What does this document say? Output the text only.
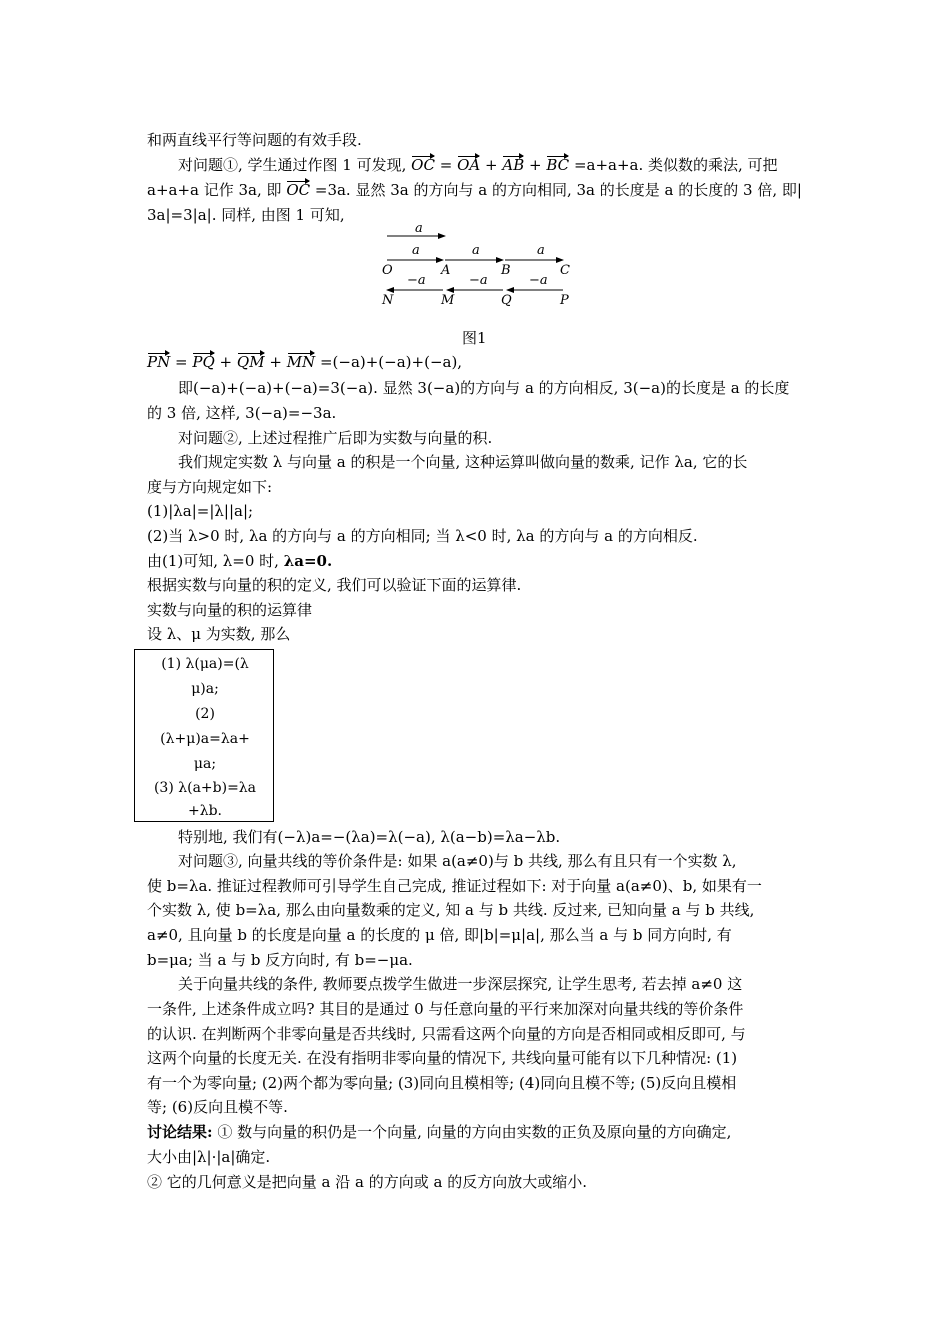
和两直线平行等问题的有效手段.
对问题①, 学生通过作图 1 可发现, OC = OA + AB + BC =a+a+a. 类似数的乘法, 可把
a+a+a 记作 3a, 即 OC =3a. 显然 3a 的方向与 a 的方向相同, 3a 的长度是 a 的长度的 3 倍, 即|
3a|=3|a|. 同样, 由图 1 可知,
a
a	a	a
O	A	B	C
−a	−a	−a
N	M	Q	P
图1
PN = PQ + QM + MN =(−a)+(−a)+(−a),
即(−a)+(−a)+(−a)=3(−a). 显然 3(−a)的方向与 a 的方向相反, 3(−a)的长度是 a 的长度
的 3 倍, 这样, 3(−a)=−3a.
对问题②, 上述过程推广后即为实数与向量的积.
我们规定实数 λ 与向量 a 的积是一个向量, 这种运算叫做向量的数乘, 记作 λa, 它的长
度与方向规定如下:
(1)|λa|=|λ||a|;
(2)当 λ>0 时, λa 的方向与 a 的方向相同; 当 λ<0 时, λa 的方向与 a 的方向相反.
由(1)可知, λ=0 时, λa=0.
根据实数与向量的积的定义, 我们可以验证下面的运算律.
实数与向量的积的运算律
设 λ、μ 为实数, 那么
(1) λ(μa)=(λ
μ)a;
(2)
(λ+μ)a=λa+
μa;
(3) λ(a+b)=λa
+λb.
特别地, 我们有(−λ)a=−(λa)=λ(−a), λ(a−b)=λa−λb.
对问题③, 向量共线的等价条件是: 如果 a(a≠0)与 b 共线, 那么有且只有一个实数 λ,
使 b=λa. 推证过程教师可引导学生自己完成, 推证过程如下: 对于向量 a(a≠0)、b, 如果有一
个实数 λ, 使 b=λa, 那么由向量数乘的定义, 知 a 与 b 共线. 反过来, 已知向量 a 与 b 共线,
a≠0, 且向量 b 的长度是向量 a 的长度的 μ 倍, 即|b|=μ|a|, 那么当 a 与 b 同方向时, 有
b=μa; 当 a 与 b 反方向时, 有 b=−μa.
关于向量共线的条件, 教师要点拨学生做进一步深层探究, 让学生思考, 若去掉 a≠0 这
一条件, 上述条件成立吗? 其目的是通过 0 与任意向量的平行来加深对向量共线的等价条件
的认识. 在判断两个非零向量是否共线时, 只需看这两个向量的方向是否相同或相反即可, 与
这两个向量的长度无关. 在没有指明非零向量的情况下, 共线向量可能有以下几种情况: (1)
有一个为零向量; (2)两个都为零向量; (3)同向且模相等; (4)同向且模不等; (5)反向且模相
等; (6)反向且模不等.
讨论结果: ① 数与向量的积仍是一个向量, 向量的方向由实数的正负及原向量的方向确定,
大小由|λ|·|a|确定.
② 它的几何意义是把向量 a 沿 a 的方向或 a 的反方向放大或缩小.
